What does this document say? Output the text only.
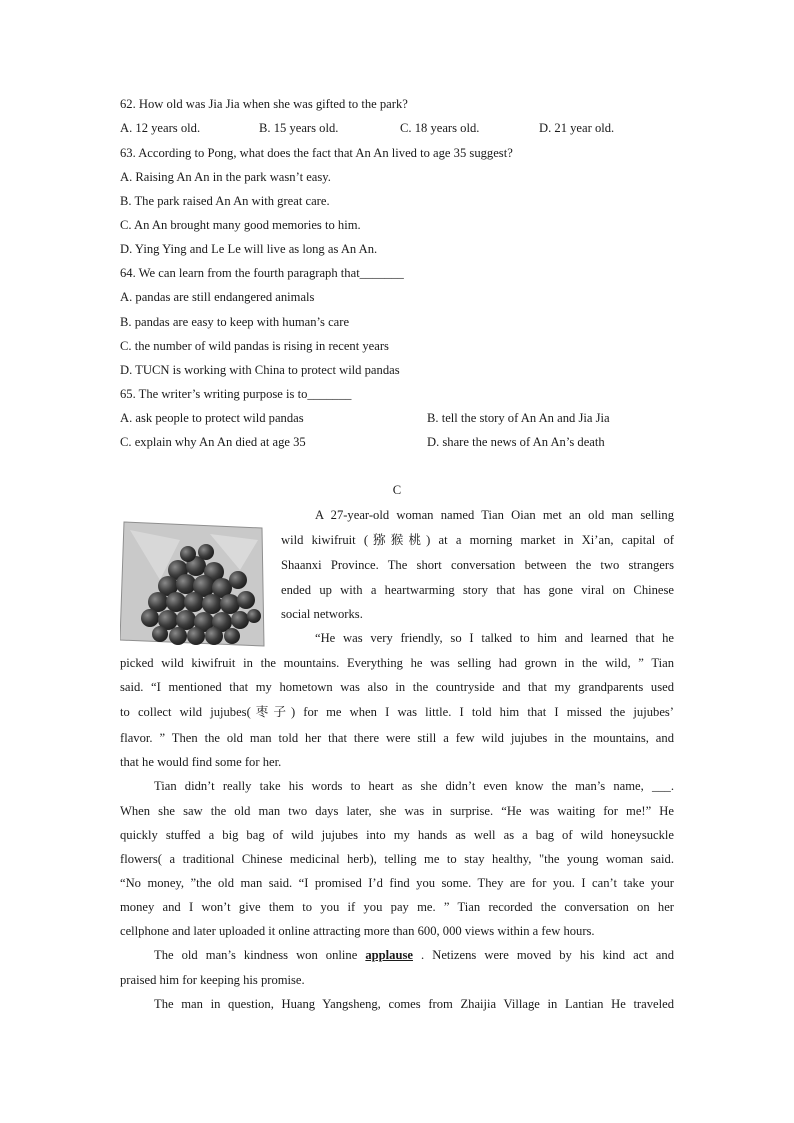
62. How old was Jia Jia when she was gifted to the park?
A. 12 years old.	B. 15 years old.	C. 18 years old.	D. 21 year old.
63. According to Pong, what does the fact that An An lived to age 35 suggest?
A. Raising An An in the park wasn’t easy.
B. The park raised An An with great care.
C. An An brought many good memories to him.
D. Ying Ying and Le Le will live as long as An An.
64. We can learn from the fourth paragraph that_______
A. pandas are still endangered animals
B. pandas are easy to keep with human’s care
C. the number of wild pandas is rising in recent years
D. TUCN is working with China to protect wild pandas
65. The writer’s writing purpose is to_______
A. ask people to protect wild pandas	B. tell the story of An An and Jia Jia
C. explain why An An died at age 35	D. share the news of An An’s death
C
A 27-year-old woman named Tian Oian met an old man selling
wild kiwifruit (猕猴桃) at a morning market in Xi’an, capital of
Shaanxi Province. The short conversation between the two strangers
ended up with a heartwarming story that has gone viral on Chinese
social networks.
“He was very friendly, so I talked to him and learned that he
picked wild kiwifruit in the mountains. Everything he was selling had grown in the wild, ” Tian
said. “I mentioned that my hometown was also in the countryside and that my grandparents used
to collect wild jujubes(枣子) for me when I was little. I told him that I missed the jujubes’
flavor. ” Then the old man told her that there were still a few wild jujubes in the mountains, and
that he would find some for her.
Tian didn’t really take his words to heart as she didn’t even know the man’s name, ___.
When she saw the old man two days later, she was in surprise. “He was waiting for me!” He
quickly stuffed a big bag of wild jujubes into my hands as well as a bag of wild honeysuckle
flowers( a traditional Chinese medicinal herb), telling me to stay healthy, "the young woman said.
“No money, ”the old man said. “I promised I’d find you some. They are for you. I can’t take your
money and I won’t give them to you if you pay me. ” Tian recorded the conversation on her
cellphone and later uploaded it online attracting more than 600, 000 views within a few hours.
The old man’s kindness won online applause . Netizens were moved by his kind act and
praised him for keeping his promise.
The man in question, Huang Yangsheng, comes from Zhaijia Village in Lantian He traveled
